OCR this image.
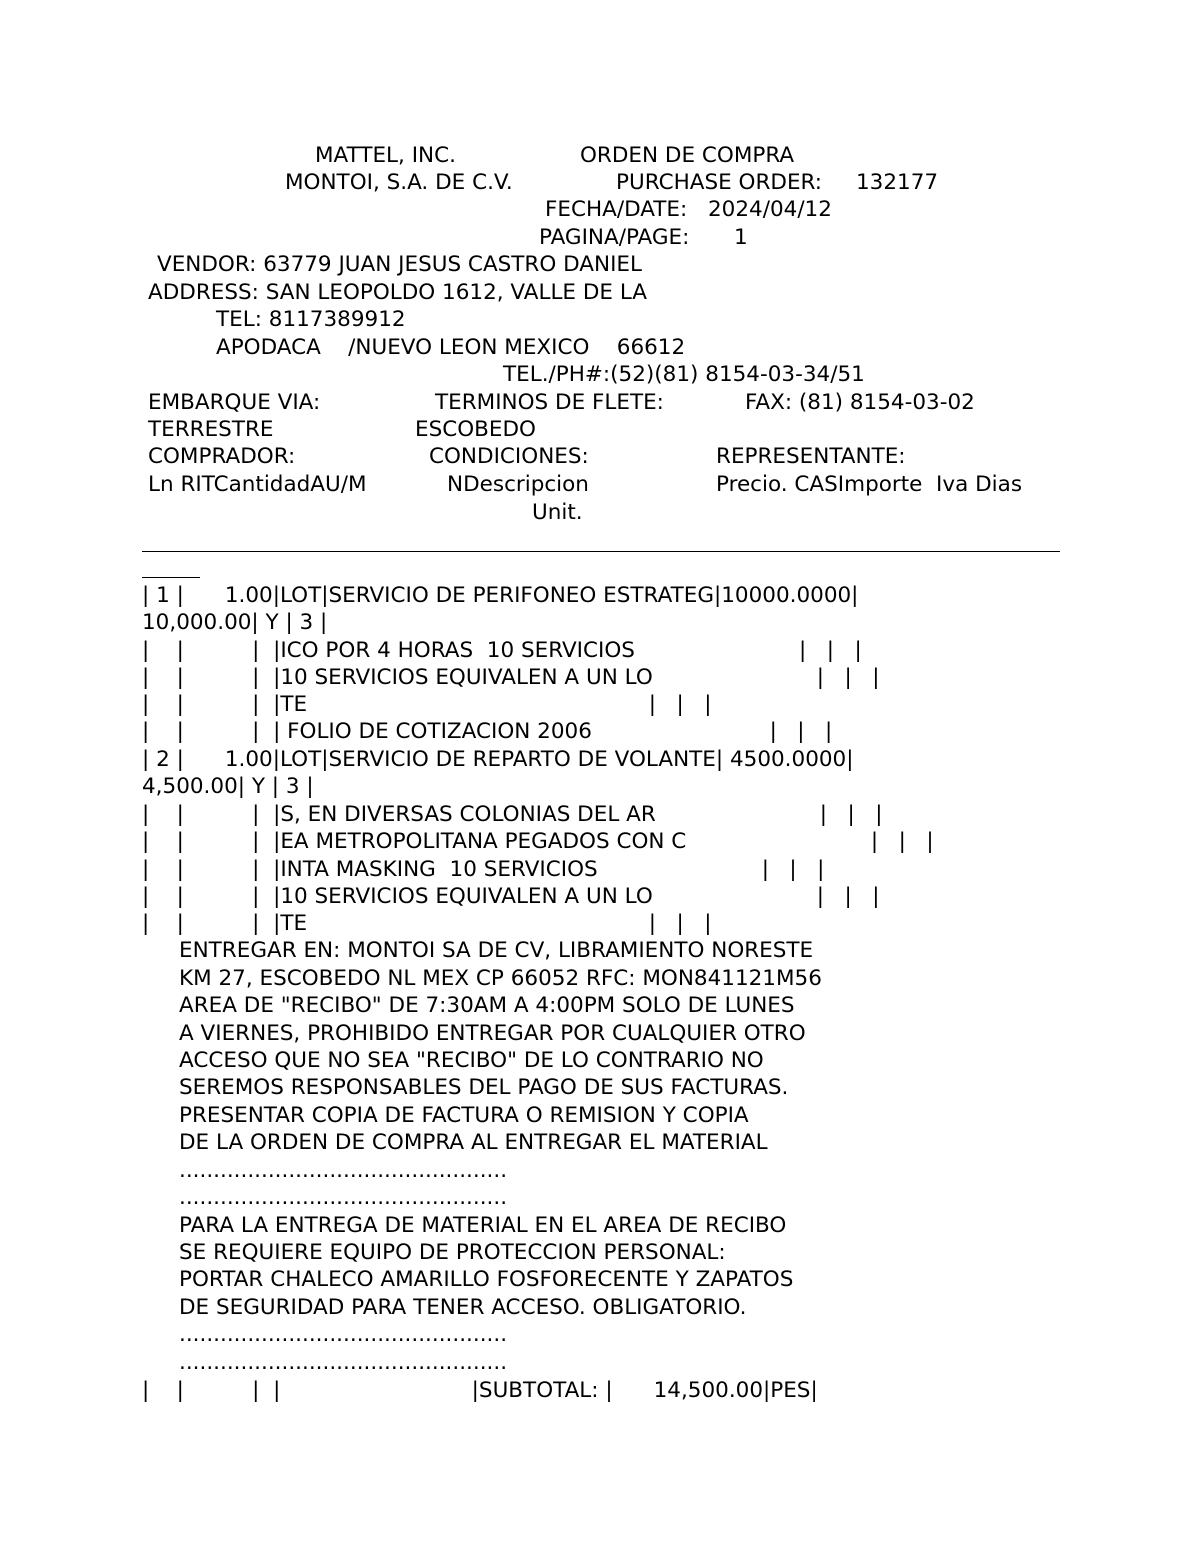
MATTEL, INC.	ORDEN DE COMPRA
MONTOI, S.A. DE C.V.	PURCHASE ORDER: 132177
FECHA/DATE: 2024/04/12
PAGINA/PAGE: 1
VENDOR: 63779 JUAN JESUS CASTRO DANIEL
ADDRESS: SAN LEOPOLDO 1612, VALLE DE LA
TEL: 8117389912
APODACA    /NUEVO LEON MEXICO    66612
TEL./PH#:(52)(81) 8154-03-34/51
EMBARQUE VIA:	TERMINOS DE FLETE:	FAX: (81) 8154-03-02
TERRESTRE	ESCOBEDO
COMPRADOR:	CONDICIONES:	REPRESENTANTE:
Ln RITCantidadAU/M	NDescripcion	Precio. CASImporte  Iva Dias
Unit.
| 1 |      1.00|LOT|SERVICIO DE PERIFONEO ESTRATEG|10000.0000|
10,000.00| Y | 3 |
|    |          |  |ICO POR 4 HORAS  10 SERVICIOS                        |   |   |
|    |          |  |10 SERVICIOS EQUIVALEN A UN LO                        |   |   |
|    |          |  |TE                                                  |   |   |
|    |          |  | FOLIO DE COTIZACION 2006                          |   |   |
| 2 |      1.00|LOT|SERVICIO DE REPARTO DE VOLANTE| 4500.0000|
4,500.00| Y | 3 |
|    |          |  |S, EN DIVERSAS COLONIAS DEL AR                        |   |   |
|    |          |  |EA METROPOLITANA PEGADOS CON C                           |   |   |
|    |          |  |INTA MASKING  10 SERVICIOS                        |   |   |
|    |          |  |10 SERVICIOS EQUIVALEN A UN LO                        |   |   |
|    |          |  |TE                                                  |   |   |
ENTREGAR EN: MONTOI SA DE CV, LIBRAMIENTO NORESTE
KM 27, ESCOBEDO NL MEX CP 66052 RFC: MON841121M56
AREA DE "RECIBO" DE 7:30AM A 4:00PM SOLO DE LUNES
A VIERNES, PROHIBIDO ENTREGAR POR CUALQUIER OTRO
ACCESO QUE NO SEA "RECIBO" DE LO CONTRARIO NO
SEREMOS RESPONSABLES DEL PAGO DE SUS FACTURAS.
PRESENTAR COPIA DE FACTURA O REMISION Y COPIA
DE LA ORDEN DE COMPRA AL ENTREGAR EL MATERIAL
................................................
................................................
PARA LA ENTREGA DE MATERIAL EN EL AREA DE RECIBO
SE REQUIERE EQUIPO DE PROTECCION PERSONAL:
PORTAR CHALECO AMARILLO FOSFORECENTE Y ZAPATOS
DE SEGURIDAD PARA TENER ACCESO. OBLIGATORIO.
................................................
................................................
|    |          |  |                            |SUBTOTAL: |      14,500.00|PES|
